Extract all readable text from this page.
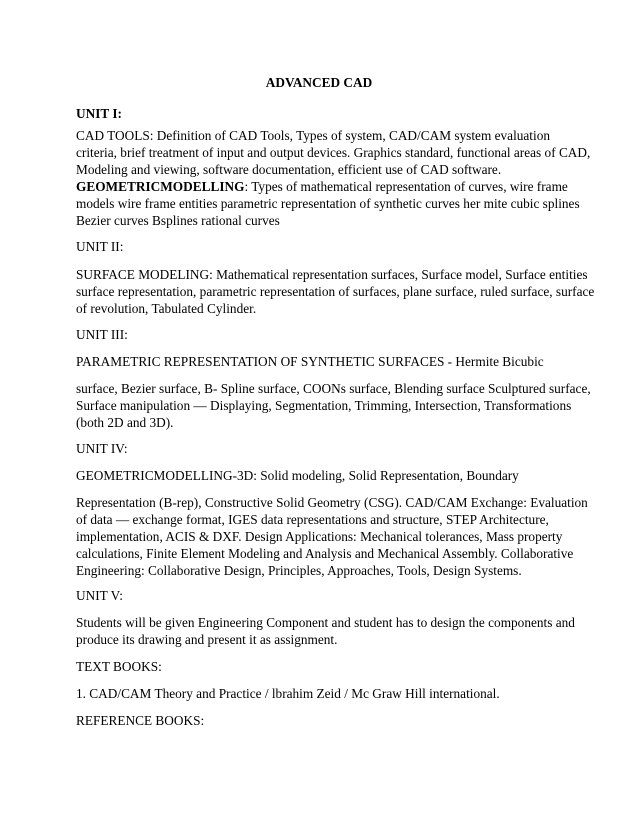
ADVANCED CAD

UNIT I:

CAD TOOLS: Definition of CAD Tools, Types of system, CAD/CAM system evaluation
criteria, brief treatment of input and output devices. Graphics standard, functional areas of CAD,
Modeling and viewing, software documentation, efficient use of CAD software.
GEOMETRICMODELLING: Types of mathematical representation of curves, wire frame
models wire frame entities parametric representation of synthetic curves her mite cubic splines
Bezier curves Bsplines rational curves

UNIT II:

SURFACE MODELING: Mathematical representation surfaces, Surface model, Surface entities
surface representation, parametric representation of surfaces, plane surface, ruled surface, surface
of revolution, Tabulated Cylinder.

UNIT III:

PARAMETRIC REPRESENTATION OF SYNTHETIC SURFACES - Hermite Bicubic

surface, Bezier surface, B- Spline surface, COONs surface, Blending surface Sculptured surface,
Surface manipulation — Displaying, Segmentation, Trimming, Intersection, Transformations
(both 2D and 3D).

UNIT IV:

GEOMETRICMODELLING-3D: Solid modeling, Solid Representation, Boundary

Representation (B-rep), Constructive Solid Geometry (CSG). CAD/CAM Exchange: Evaluation
of data — exchange format, IGES data representations and structure, STEP Architecture,
implementation, ACIS & DXF. Design Applications: Mechanical tolerances, Mass property
calculations, Finite Element Modeling and Analysis and Mechanical Assembly. Collaborative
Engineering: Collaborative Design, Principles, Approaches, Tools, Design Systems.

UNIT V:

Students will be given Engineering Component and student has to design the components and
produce its drawing and present it as assignment.

TEXT BOOKS:

1. CAD/CAM Theory and Practice / lbrahim Zeid / Mc Graw Hill international.

REFERENCE BOOKS:
